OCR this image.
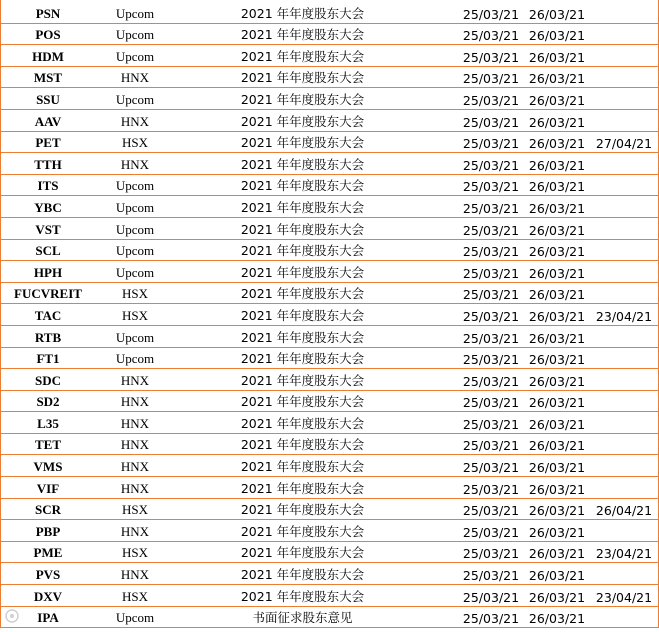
PSN	Upcom	2021 年年度股东大会	25/03/21 26/03/21
POS	Upcom	2021 年年度股东大会	25/03/21 26/03/21
HDM	Upcom	2021 年年度股东大会	25/03/21 26/03/21
MST	HNX	2021 年年度股东大会	25/03/21 26/03/21
SSU	Upcom	2021 年年度股东大会	25/03/21 26/03/21
AAV	HNX	2021 年年度股东大会	25/03/21 26/03/21
PET	HSX	2021 年年度股东大会	25/03/21 26/03/21 27/04/21
TTH	HNX	2021 年年度股东大会	25/03/21 26/03/21
ITS	Upcom	2021 年年度股东大会	25/03/21 26/03/21
YBC	Upcom	2021 年年度股东大会	25/03/21 26/03/21
VST	Upcom	2021 年年度股东大会	25/03/21 26/03/21
SCL	Upcom	2021 年年度股东大会	25/03/21 26/03/21
HPH	Upcom	2021 年年度股东大会	25/03/21 26/03/21
FUCVREIT	HSX	2021 年年度股东大会	25/03/21 26/03/21
TAC	HSX	2021 年年度股东大会	25/03/21 26/03/21 23/04/21
RTB	Upcom	2021 年年度股东大会	25/03/21 26/03/21
FT1	Upcom	2021 年年度股东大会	25/03/21 26/03/21
SDC	HNX	2021 年年度股东大会	25/03/21 26/03/21
SD2	HNX	2021 年年度股东大会	25/03/21 26/03/21
L35	HNX	2021 年年度股东大会	25/03/21 26/03/21
TET	HNX	2021 年年度股东大会	25/03/21 26/03/21
VMS	HNX	2021 年年度股东大会	25/03/21 26/03/21
VIF	HNX	2021 年年度股东大会	25/03/21 26/03/21
SCR	HSX	2021 年年度股东大会	25/03/21 26/03/21 26/04/21
PBP	HNX	2021 年年度股东大会	25/03/21 26/03/21
PME	HSX	2021 年年度股东大会	25/03/21 26/03/21 23/04/21
PVS	HNX	2021 年年度股东大会	25/03/21 26/03/21
DXV	HSX	2021 年年度股东大会	25/03/21 26/03/21 23/04/21
IPA	Upcom	书面征求股东意见	25/03/21 26/03/21
